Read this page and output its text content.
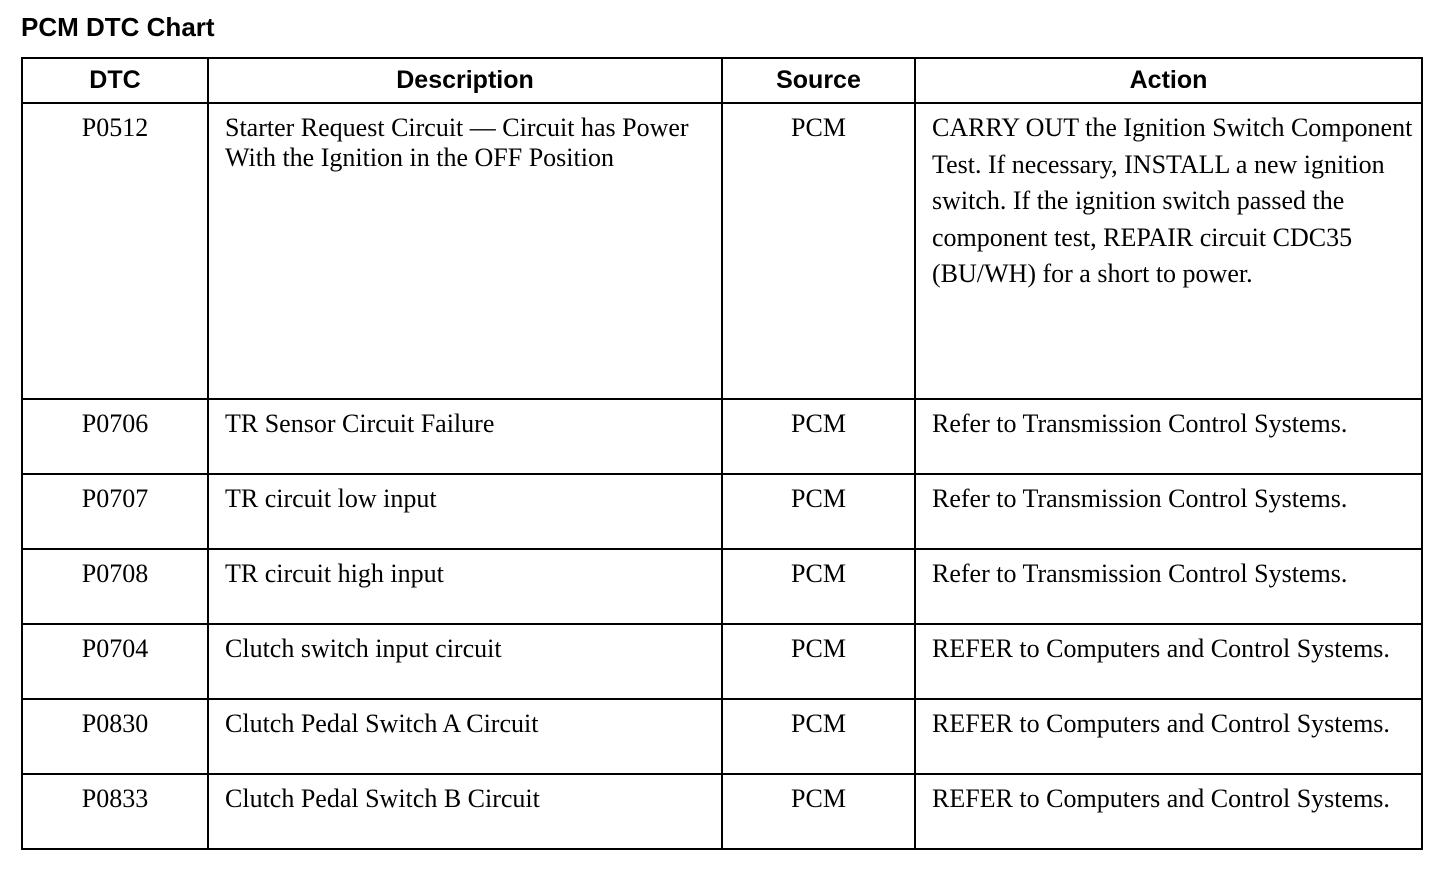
PCM DTC Chart
DTC	Description	Source	Action
P0512	Starter Request Circuit — Circuit has Power With the Ignition in the OFF Position	PCM	CARRY OUT the Ignition Switch Component Test. If necessary, INSTALL a new ignition switch. If the ignition switch passed the component test, REPAIR circuit CDC35 (BU/WH) for a short to power.
P0706	TR Sensor Circuit Failure	PCM	Refer to Transmission Control Systems.
P0707	TR circuit low input	PCM	Refer to Transmission Control Systems.
P0708	TR circuit high input	PCM	Refer to Transmission Control Systems.
P0704	Clutch switch input circuit	PCM	REFER to Computers and Control Systems.
P0830	Clutch Pedal Switch A Circuit	PCM	REFER to Computers and Control Systems.
P0833	Clutch Pedal Switch B Circuit	PCM	REFER to Computers and Control Systems.
